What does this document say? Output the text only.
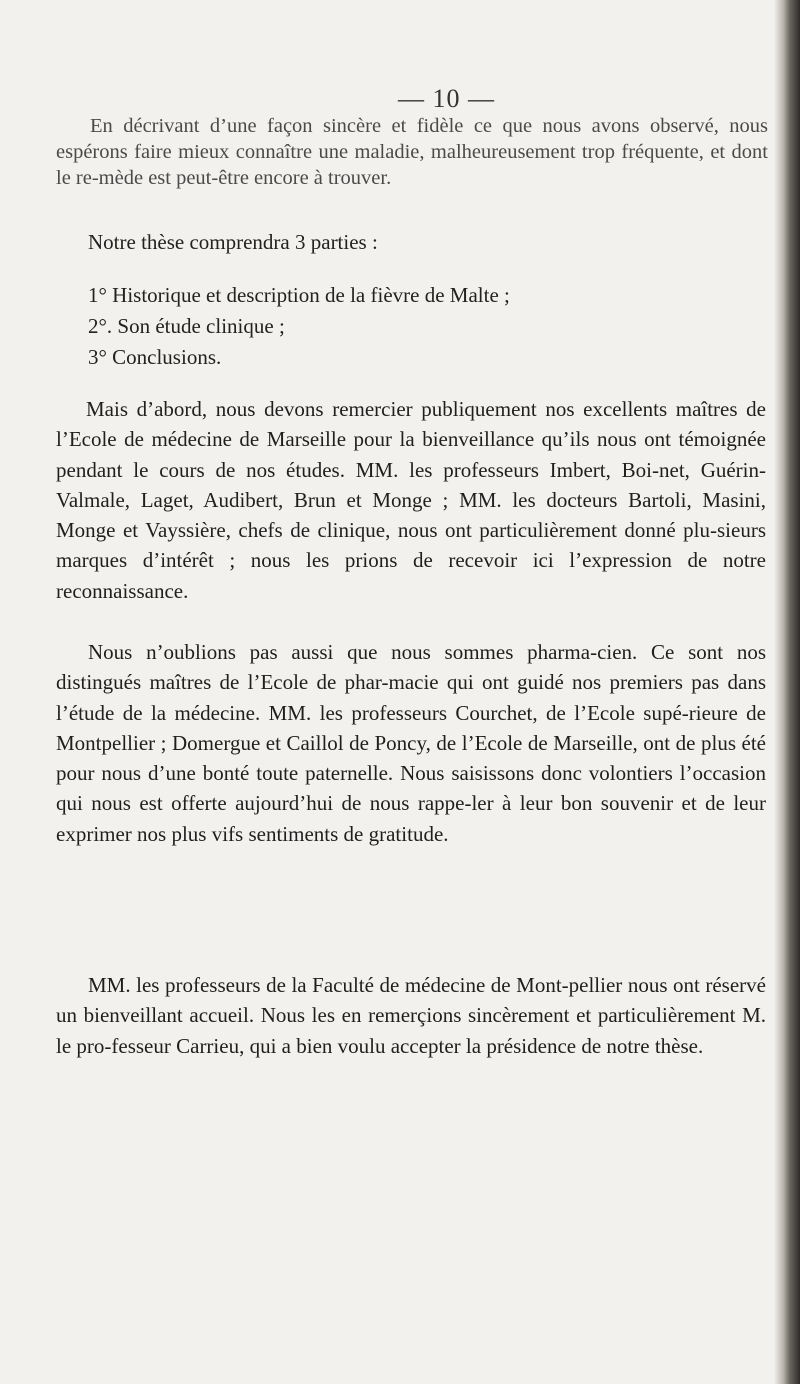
— 10 —

En décrivant d’une façon sincère et fidèle ce que nous avons observé, nous espérons faire mieux connaître une maladie, malheureusement trop fréquente, et dont le re-mède est peut-être encore à trouver.

Notre thèse comprendra 3 parties :
1° Historique et description de la fièvre de Malte ;
2°. Son étude clinique ;
3° Conclusions.

Mais d’abord, nous devons remercier publiquement nos excellents maîtres de l’Ecole de médecine de Marseille pour la bienveillance qu’ils nous ont témoignée pendant le cours de nos études. MM. les professeurs Imbert, Boi-net, Guérin-Valmale, Laget, Audibert, Brun et Monge ; MM. les docteurs Bartoli, Masini, Monge et Vayssière, chefs de clinique, nous ont particulièrement donné plu-sieurs marques d’intérêt ; nous les prions de recevoir ici l’expression de notre reconnaissance.

Nous n’oublions pas aussi que nous sommes pharma-cien. Ce sont nos distingués maîtres de l’Ecole de phar-macie qui ont guidé nos premiers pas dans l’étude de la médecine. MM. les professeurs Courchet, de l’Ecole supé-rieure de Montpellier ; Domergue et Caillol de Poncy, de l’Ecole de Marseille, ont de plus été pour nous d’une bonté toute paternelle. Nous saisissons donc volontiers l’occasion qui nous est offerte aujourd’hui de nous rappe-ler à leur bon souvenir et de leur exprimer nos plus vifs sentiments de gratitude.

MM. les professeurs de la Faculté de médecine de Mont-pellier nous ont réservé un bienveillant accueil. Nous les en remerçions sincèrement et particulièrement M. le pro-fesseur Carrieu, qui a bien voulu accepter la présidence de notre thèse.
